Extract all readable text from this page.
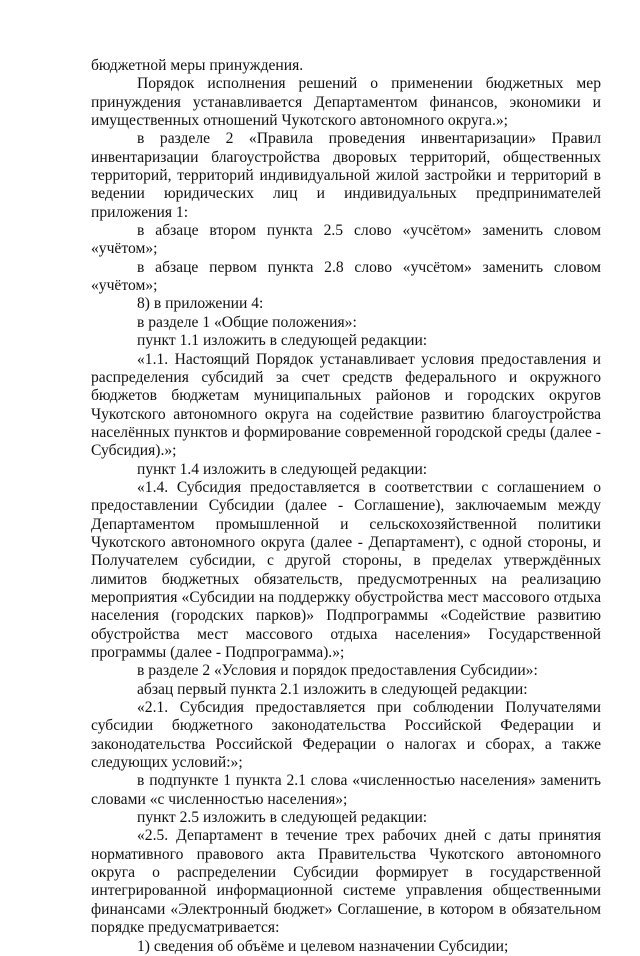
бюджетной меры принуждения.

Порядок исполнения решений о применении бюджетных мер принуждения устанавливается Департаментом финансов, экономики и имущественных отношений Чукотского автономного округа.»;

в разделе 2 «Правила проведения инвентаризации» Правил инвентаризации благоустройства дворовых территорий, общественных территорий, территорий индивидуальной жилой застройки и территорий в ведении юридических лиц и индивидуальных предпринимателей приложения 1:

в абзаце втором пункта 2.5 слово «учсётом» заменить словом «учётом»;

в абзаце первом пункта 2.8 слово «учсётом» заменить словом «учётом»;

8) в приложении 4:

в разделе 1 «Общие положения»:

пункт 1.1 изложить в следующей редакции:

«1.1. Настоящий Порядок устанавливает условия предоставления и распределения субсидий за счет средств федерального и окружного бюджетов бюджетам муниципальных районов и городских округов Чукотского автономного округа на содействие развитию благоустройства населённых пунктов и формирование современной городской среды (далее - Субсидия).»;

пункт 1.4 изложить в следующей редакции:

«1.4. Субсидия предоставляется в соответствии с соглашением о предоставлении Субсидии (далее - Соглашение), заключаемым между Департаментом промышленной и сельскохозяйственной политики Чукотского автономного округа (далее - Департамент), с одной стороны, и Получателем субсидии, с другой стороны, в пределах утверждённых лимитов бюджетных обязательств, предусмотренных на реализацию мероприятия «Субсидии на поддержку обустройства мест массового отдыха населения (городских парков)» Подпрограммы «Содействие развитию обустройства мест массового отдыха населения» Государственной программы (далее - Подпрограмма).»;

в разделе 2 «Условия и порядок предоставления Субсидии»:

абзац первый пункта 2.1 изложить в следующей редакции:

«2.1. Субсидия предоставляется при соблюдении Получателями субсидии бюджетного законодательства Российской Федерации и законодательства Российской Федерации о налогах и сборах, а также следующих условий:»;

в подпункте 1 пункта 2.1 слова «численностью населения» заменить словами «с численностью населения»;

пункт 2.5 изложить в следующей редакции:

«2.5. Департамент в течение трех рабочих дней с даты принятия нормативного правового акта Правительства Чукотского автономного округа о распределении Субсидии формирует в государственной интегрированной информационной системе управления общественными финансами «Электронный бюджет» Соглашение, в котором в обязательном порядке предусматривается:

1) сведения об объёме и целевом назначении Субсидии;
